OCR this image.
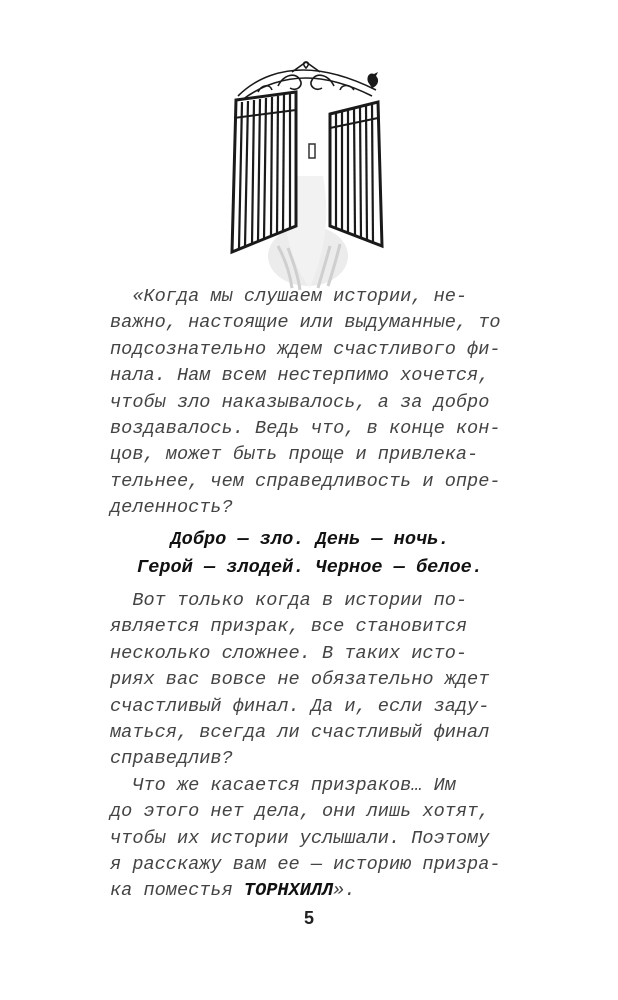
«Когда мы слушаем истории, не-
важно, настоящие или выдуманные, то
подсознательно ждем счастливого фи-
нала. Нам всем нестерпимо хочется,
чтобы зло наказывалось, а за добро
воздавалось. Ведь что, в конце кон-
цов, может быть проще и привлека-
тельнее, чем справедливость и опре-
деленность?
Добро — зло. День — ночь.
Герой — злодей. Черное — белое.
Вот только когда в истории по-
является призрак, все становится
несколько сложнее. В таких исто-
риях вас вовсе не обязательно ждет
счастливый финал. Да и, если заду-
маться, всегда ли счастливый финал
справедлив?
Что же касается призраков… Им
до этого нет дела, они лишь хотят,
чтобы их истории услышали. Поэтому
я расскажу вам ее — историю призра-
ка поместья ТОРНХИЛЛ».
5
